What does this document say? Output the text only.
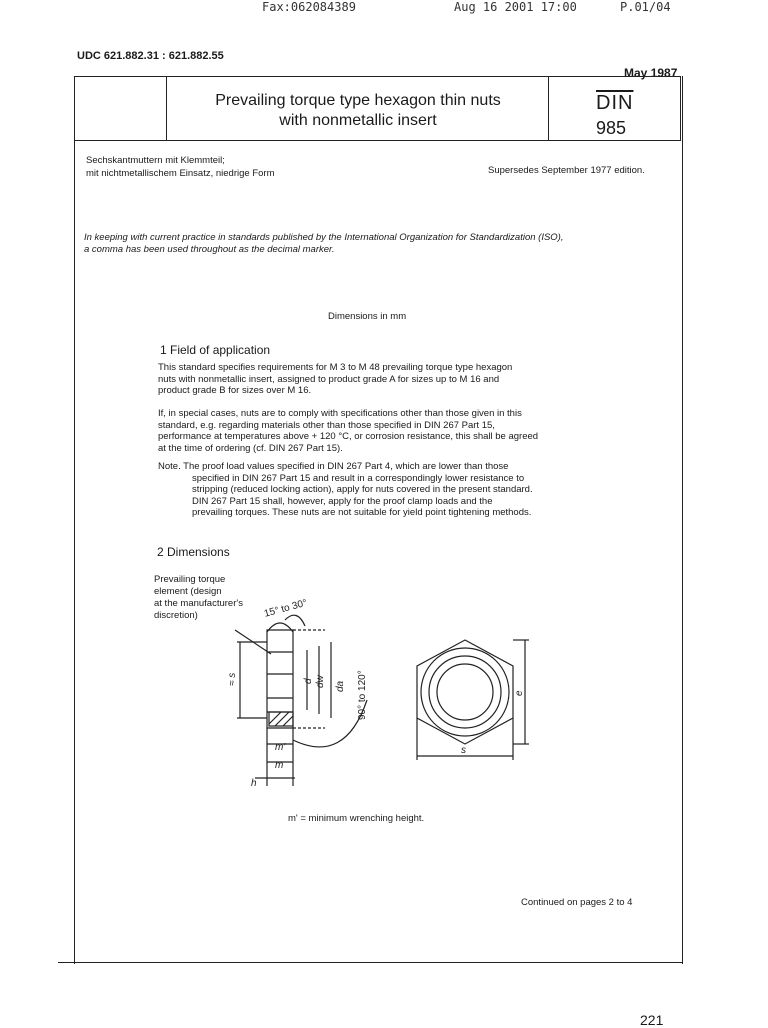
Fax:062084389	Aug 16 2001 17:00	P.01/04
UDC 621.882.31 : 621.882.55
May 1987
Prevailing torque type hexagon thin nuts
with nonmetallic insert
$\overline{DIN}$
985
Sechskantmuttern mit Klemmteil;
mit nichtmetallischem Einsatz, niedrige Form	Supersedes September 1977 edition.
In keeping with current practice in standards published by the International Organization for Standardization (ISO),
a comma has been used throughout as the decimal marker.
Dimensions in mm
1 Field of application
This standard specifies requirements for M 3 to M 48 prevailing torque type hexagon
nuts with nonmetallic insert, assigned to product grade A for sizes up to M 16 and
product grade B for sizes over M 16.
If, in special cases, nuts are to comply with specifications other than those given in this
standard, e.g. regarding materials other than those specified in DIN 267 Part 15,
performance at temperatures above + 120 °C, or corrosion resistance, this shall be agreed
at the time of ordering (cf. DIN 267 Part 15).
Note. The proof load values specified in DIN 267 Part 4, which are lower than those
specified in DIN 267 Part 15 and result in a correspondingly lower resistance to
stripping (reduced locking action), apply for nuts covered in the present standard.
DIN 267 Part 15 shall, however, apply for the proof clamp loads and the
prevailing torques. These nuts are not suitable for yield point tightening methods.
2 Dimensions
Prevailing torque
element (design
at the manufacturer's
discretion)	15° to 30°
90° to 120°
≈ s	d dw da
m'
m
h
e
s
m' = minimum wrenching height.
Continued on pages 2 to 4
221
